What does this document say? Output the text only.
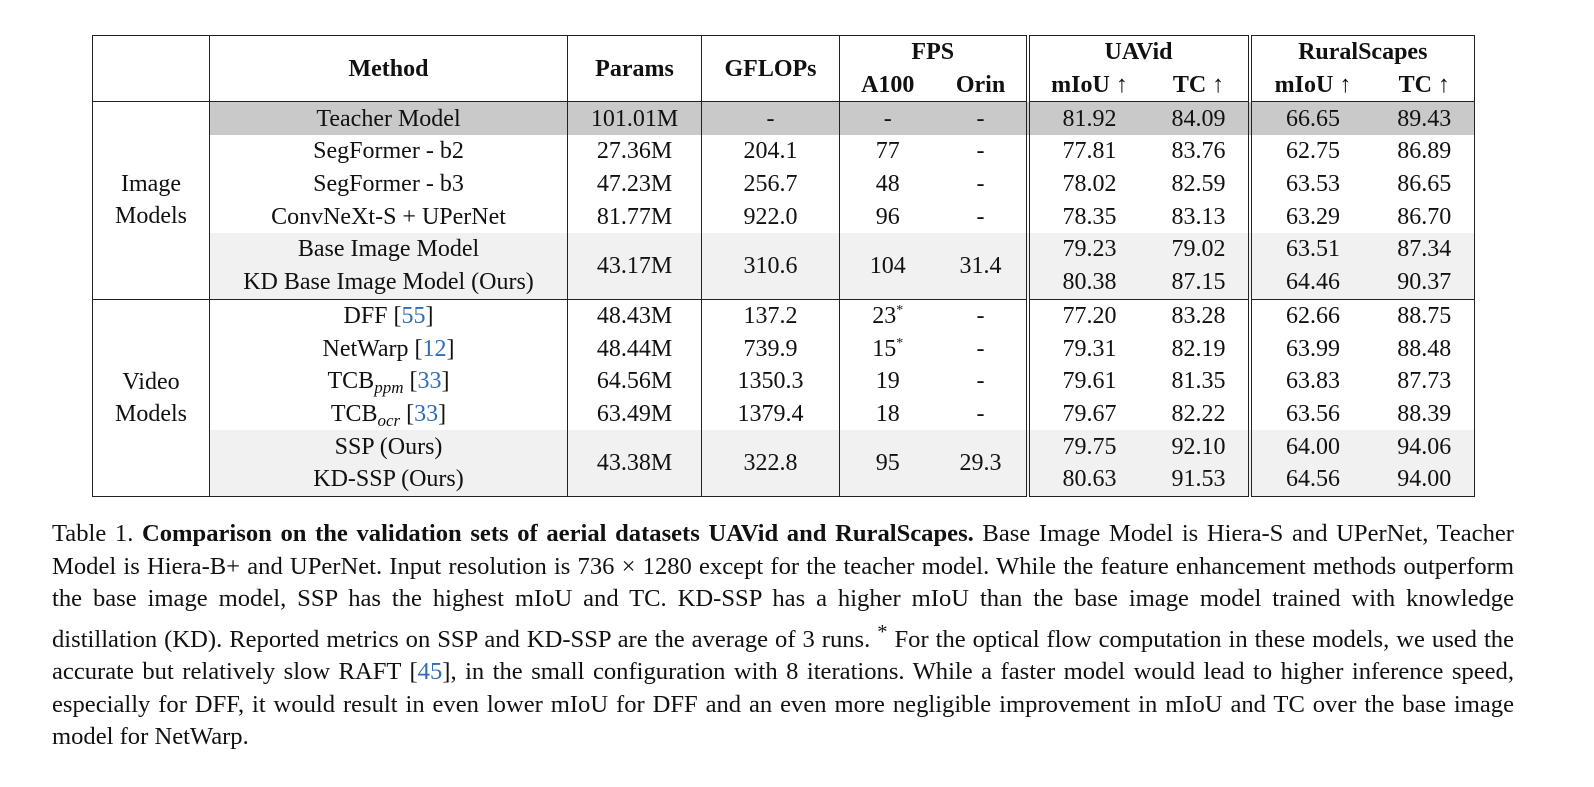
	Method	Params	GFLOPs	FPS		UAVid		RuralScapes	
				A100	Orin	mIoU ↑	TC ↑	mIoU ↑	TC ↑

Image
Models	Teacher Model	101.01M	-	-	-	81.92	84.09	66.65	89.43
	SegFormer - b2	27.36M	204.1	77	-	77.81	83.76	62.75	86.89
	SegFormer - b3	47.23M	256.7	48	-	78.02	82.59	63.53	86.65
	ConvNeXt-S + UPerNet	81.77M	922.0	96	-	78.35	83.13	63.29	86.70
	Base Image Model	43.17M	310.6	104	31.4	79.23	79.02	63.51	87.34
	KD Base Image Model (Ours)					80.38	87.15	64.46	90.37

Video
Models	DFF [55]	48.43M	137.2	23*	-	77.20	83.28	62.66	88.75
	NetWarp [12]	48.44M	739.9	15*	-	79.31	82.19	63.99	88.48
	$TCB_{ppm}$ [33]	64.56M	1350.3	19	-	79.61	81.35	63.83	87.73
	$TCB_{ocr}$ [33]	63.49M	1379.4	18	-	79.67	82.22	63.56	88.39
	SSP (Ours)	43.38M	322.8	95	29.3	79.75	92.10	64.00	94.06
	KD-SSP (Ours)					80.63	91.53	64.56	94.00

Table 1. Comparison on the validation sets of aerial datasets UAVid and RuralScapes. Base Image Model is Hiera-S and UPerNet, Teacher Model is Hiera-B+ and UPerNet. Input resolution is 736 × 1280 except for the teacher model. While the feature enhancement methods outperform the base image model, SSP has the highest mIoU and TC. KD-SSP has a higher mIoU than the base image model trained with knowledge distillation (KD). Reported metrics on SSP and KD-SSP are the average of 3 runs. * For the optical flow computation in these models, we used the accurate but relatively slow RAFT [45], in the small configuration with 8 iterations. While a faster model would lead to higher inference speed, especially for DFF, it would result in even lower mIoU for DFF and an even more negligible improvement in mIoU and TC over the base image model for NetWarp.
